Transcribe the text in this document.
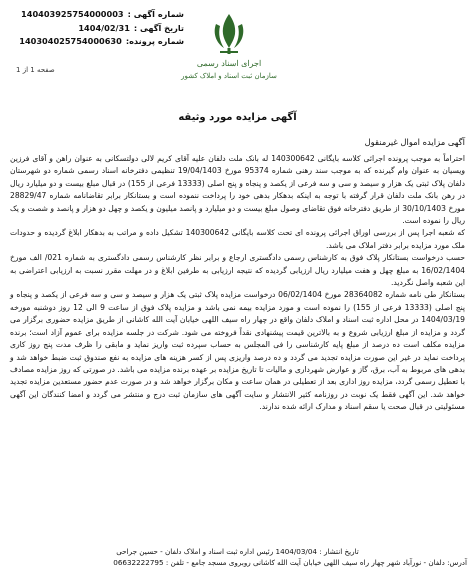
اجرای اسناد رسمی
سازمان ثبت اسناد و املاک کشور
شماره آگهی :
140403925754000003
تاریخ آگهی :
1404/02/31
شماره پرونده:
140304025754000630
صفحه 1 از 1
آگهی مزایده مورد وثیقه
آگهی مزایده اموال غیرمنقول

احتراماً به موجب پرونده اجرائی کلاسه بایگانی 140300642 له بانک ملت دلفان علیه آقای کریم لالی دولتسکانی به عنوان راهن و آقای فرزین ویسیان به عنوان وام گیرنده که به موجب سند رهنی شماره 95374 مورخ 19/04/1403 تنظیمی دفترخانه اسناد رسمی شماره دو شهرستان دلفان پلاک ثبتی یک هزار و سیصد و سی و سه فرعی از یکصد و پنجاه و پنج اصلی (13333 فرعی از 155) در قبال مبلغ بیست و دو میلیارد ریال در رهن بانک ملت دلفان قرار گرفته با توجه به اینکه بدهکار بدهی خود را پرداخت ننموده است و بستانکار برابر تقاضانامه شماره 28829/47 مورخ 30/10/1403 از طریق دفترخانه فوق تقاضای وصول مبلغ بیست و دو میلیارد و پانصد میلیون و یکصد و چهل دو هزار و پانصد و شصت و یک ریال را نموده است.

که شعبه اجرا پس از بررسی اوراق اجرائی پرونده ای تحت کلاسه بایگانی 140300642 تشکیل داده و مراتب به بدهکار ابلاغ گردیده و حدودات ملک مورد مزایده برابر دفتر املاک می باشد.

حسب درخواست بستانکار پلاک فوق به کارشناس رسمی دادگستری ارجاع و برابر نظر کارشناس رسمی دادگستری به شماره 021/ الف مورخ 16/02/1404 به مبلغ چهل و هفت میلیارد ریال ارزیابی گردیده که نتیجه ارزیابی به طرفین ابلاغ و در مهلت مقرر نسبت به ارزیابی اعتراضی به این شعبه واصل نگردید.

بستانکار طی نامه شماره 28364082 مورخ 06/02/1404 درخواست مزایده پلاک ثبتی یک هزار و سیصد و سی و سه فرعی از یکصد و پنجاه و پنج اصلی (13333 فرعی از 155) را نموده است و مورد مزایده بیمه نمی باشد و مزایده پلاک فوق از ساعت 9 الی 12 روز دوشنبه مورخه 1404/03/19 در محل اداره ثبت اسناد و املاک دلفان واقع در چهار راه سیف اللهی خیابان آیت الله کاشانی از طریق مزایده حضوری برگزار می گردد و مزایده از مبلغ ارزیابی شروع و به بالاترین قیمت پیشنهادی نقداً فروخته می شود. شرکت در جلسه مزایده برای عموم آزاد است؛ برنده مزایده مکلف است ده درصد از مبلغ پایه کارشناسی را فی المجلس به حساب سپرده ثبت واریز نماید و مابقی را ظرف مدت پنج روز کاری پرداخت نماید در غیر این صورت مزایده تجدید می گردد و ده درصد واریزی پس از کسر هزینه های مزایده به نفع صندوق ثبت ضبط خواهد شد و بدهی های مربوط به آب، برق، گاز و عوارض شهرداری و مالیات تا تاریخ مزایده بر عهده برنده مزایده می باشد. در صورتی که روز مزایده مصادف با تعطیل رسمی گردد، مزایده روز اداری بعد از تعطیلی در همان ساعت و مکان برگزار خواهد شد و در صورت عدم حضور مستعدین مزایده تجدید خواهد شد. این آگهی فقط یک نوبت در روزنامه کثیر الانتشار و سایت آگهی های سازمان ثبت درج و منتشر می گردد و امضا کنندگان این آگهی مسئولیتی در قبال صحت یا سقم اسناد و مدارک ارائه شده ندارند.

تاریخ انتشار : 1404/03/04 رئیس اداره ثبت اسناد و املاک دلفان - حسین جراحی
آدرس: دلفان - نورآباد شهر چهار راه سیف اللهی خیابان آیت الله کاشانی روبروی مسجد جامع - تلفن : 06632222795
